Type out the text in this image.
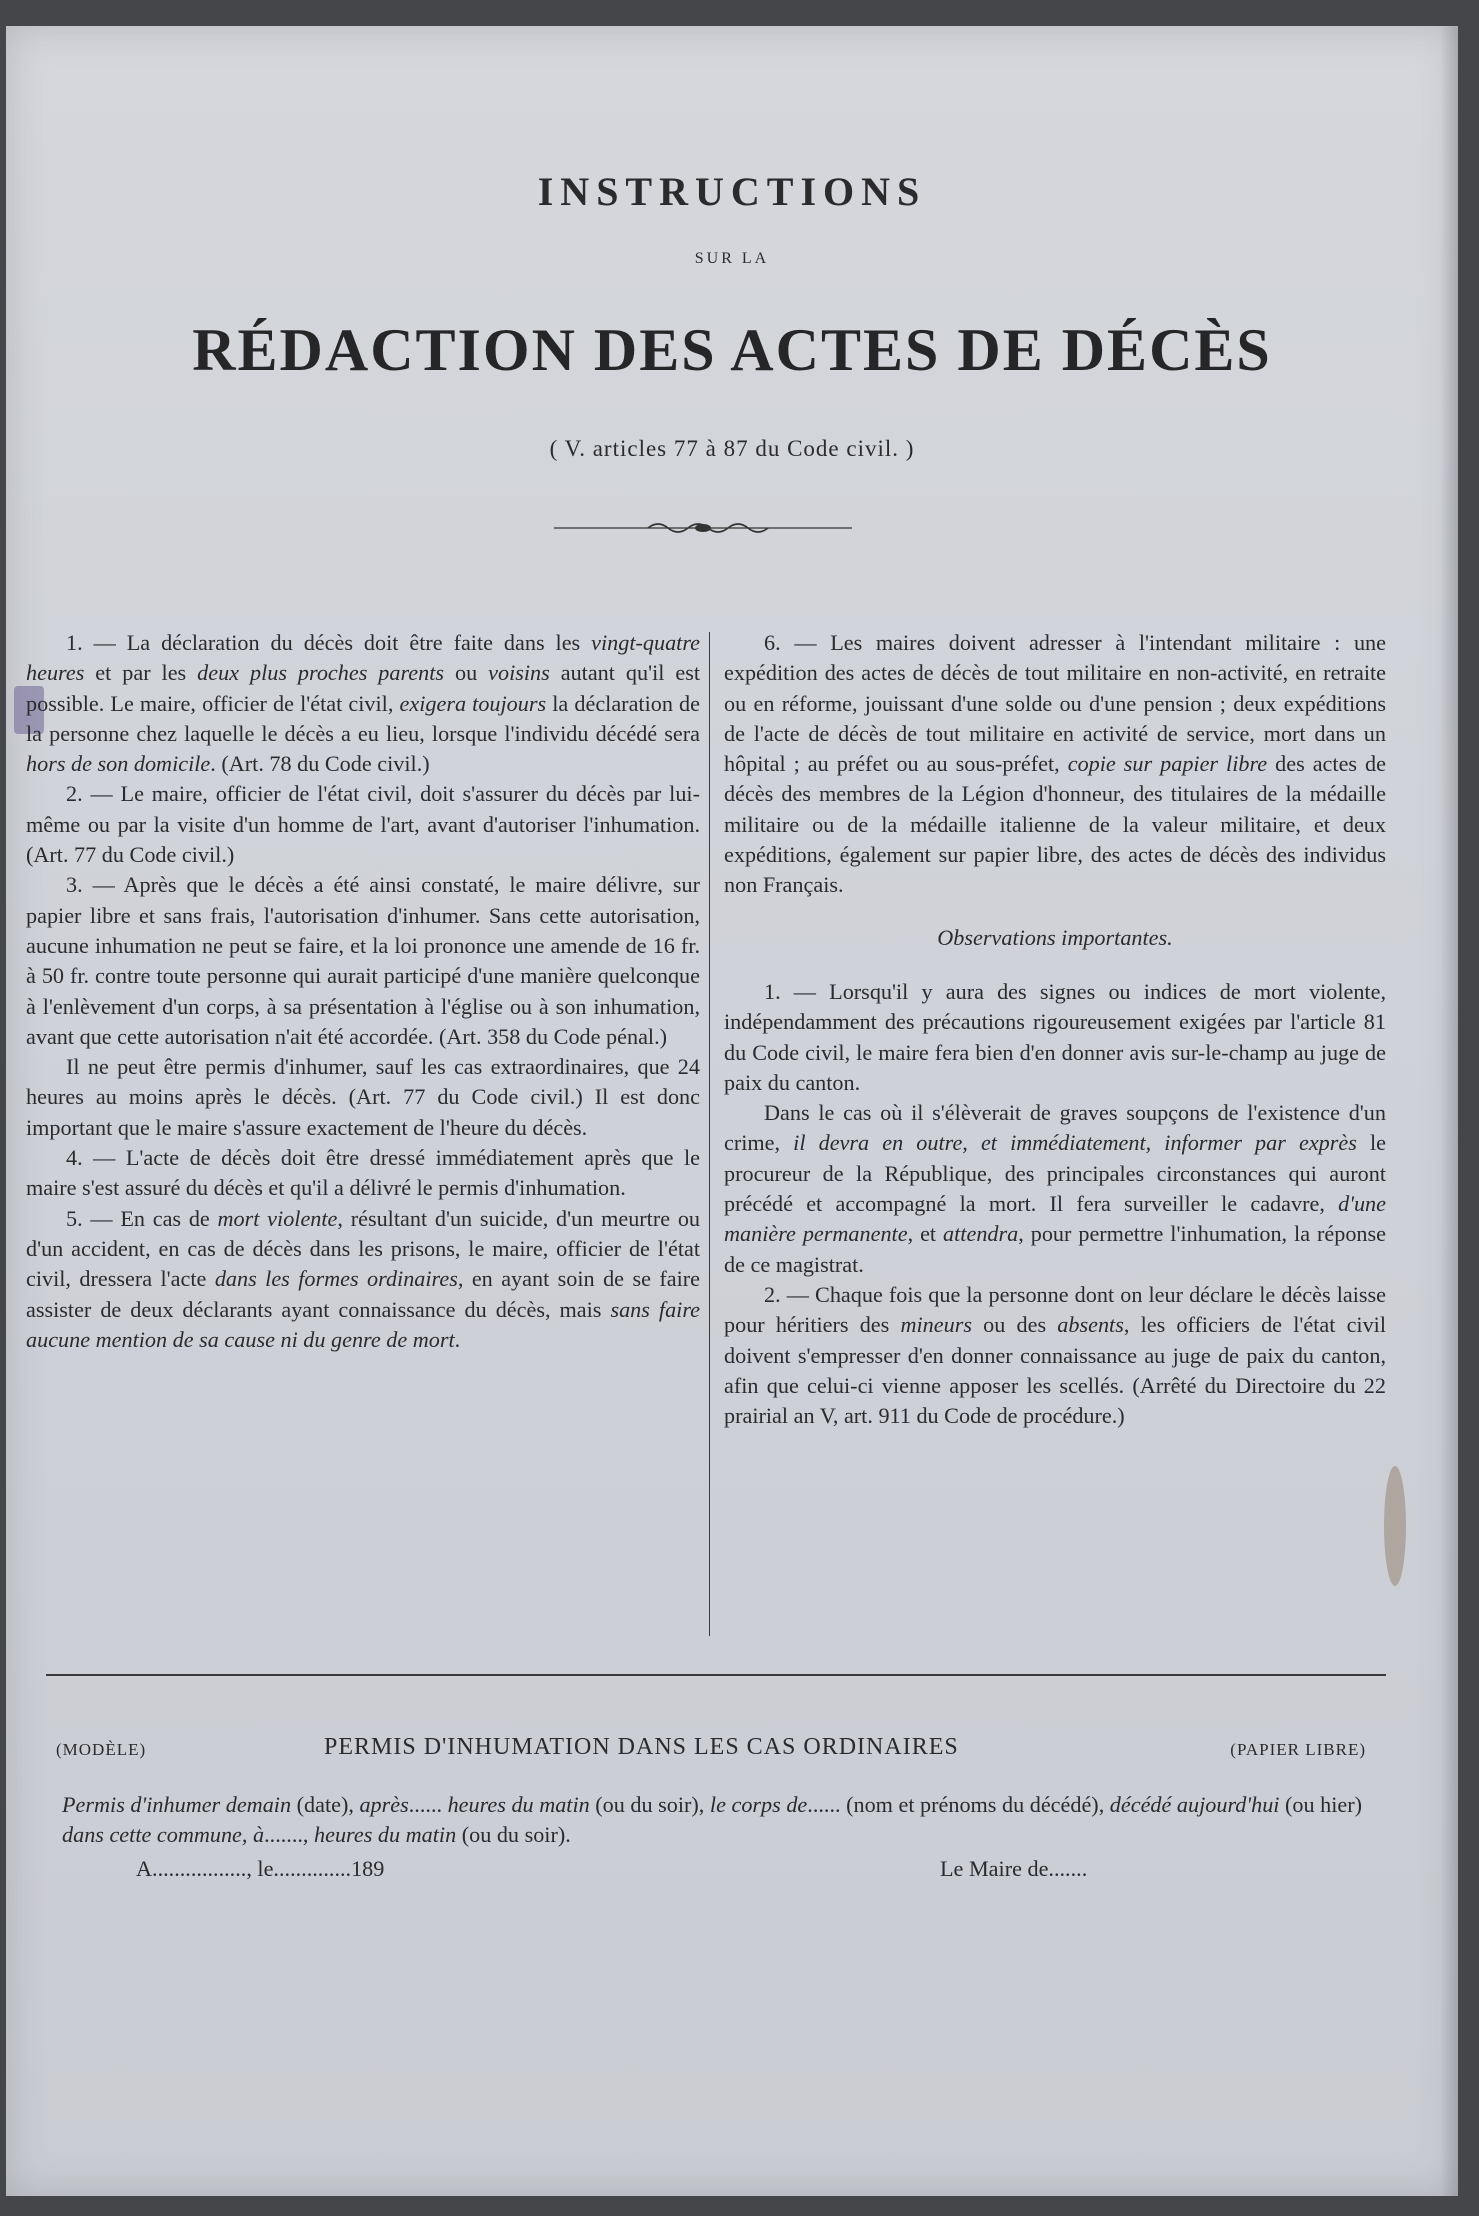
INSTRUCTIONS
SUR LA
RÉDACTION DES ACTES DE DÉCÈS
( V. articles 77 à 87 du Code civil. )

1. — La déclaration du décès doit être faite dans les vingt-quatre heures et par les deux plus proches parents ou voisins autant qu'il est possible. Le maire, officier de l'état civil, exigera toujours la déclaration de la personne chez laquelle le décès a eu lieu, lorsque l'individu décédé sera hors de son domicile. (Art. 78 du Code civil.)

2. — Le maire, officier de l'état civil, doit s'assurer du décès par lui-même ou par la visite d'un homme de l'art, avant d'autoriser l'inhumation. (Art. 77 du Code civil.)

3. — Après que le décès a été ainsi constaté, le maire délivre, sur papier libre et sans frais, l'autorisation d'inhumer. Sans cette autorisation, aucune inhumation ne peut se faire, et la loi prononce une amende de 16 fr. à 50 fr. contre toute personne qui aurait participé d'une manière quelconque à l'enlèvement d'un corps, à sa présentation à l'église ou à son inhumation, avant que cette autorisation n'ait été accordée. (Art. 358 du Code pénal.)

Il ne peut être permis d'inhumer, sauf les cas extraordinaires, que 24 heures au moins après le décès. (Art. 77 du Code civil.) Il est donc important que le maire s'assure exactement de l'heure du décès.

4. — L'acte de décès doit être dressé immédiatement après que le maire s'est assuré du décès et qu'il a délivré le permis d'inhumation.

5. — En cas de mort violente, résultant d'un suicide, d'un meurtre ou d'un accident, en cas de décès dans les prisons, le maire, officier de l'état civil, dressera l'acte dans les formes ordinaires, en ayant soin de se faire assister de deux déclarants ayant connaissance du décès, mais sans faire aucune mention de sa cause ni du genre de mort.

6. — Les maires doivent adresser à l'intendant militaire : une expédition des actes de décès de tout militaire en non-activité, en retraite ou en réforme, jouissant d'une solde ou d'une pension ; deux expéditions de l'acte de décès de tout militaire en activité de service, mort dans un hôpital ; au préfet ou au sous-préfet, copie sur papier libre des actes de décès des membres de la Légion d'honneur, des titulaires de la médaille militaire ou de la médaille italienne de la valeur militaire, et deux expéditions, également sur papier libre, des actes de décès des individus non Français.

Observations importantes.

1. — Lorsqu'il y aura des signes ou indices de mort violente, indépendamment des précautions rigoureusement exigées par l'article 81 du Code civil, le maire fera bien d'en donner avis sur-le-champ au juge de paix du canton.

Dans le cas où il s'élèverait de graves soupçons de l'existence d'un crime, il devra en outre, et immédiatement, informer par exprès le procureur de la République, des principales circonstances qui auront précédé et accompagné la mort. Il fera surveiller le cadavre, d'une manière permanente, et attendra, pour permettre l'inhumation, la réponse de ce magistrat.

2. — Chaque fois que la personne dont on leur déclare le décès laisse pour héritiers des mineurs ou des absents, les officiers de l'état civil doivent s'empresser d'en donner connaissance au juge de paix du canton, afin que celui-ci vienne apposer les scellés. (Arrêté du Directoire du 22 prairial an V, art. 911 du Code de procédure.)

(MODÈLE)	PERMIS D'INHUMATION DANS LES CAS ORDINAIRES	(PAPIER LIBRE)

Permis d'inhumer demain (date), après...... heures du matin (ou du soir), le corps de...... (nom et prénoms du décédé), décédé aujourd'hui (ou hier) dans cette commune, à......., heures du matin (ou du soir).

A................., le..............189	Le Maire de.......
